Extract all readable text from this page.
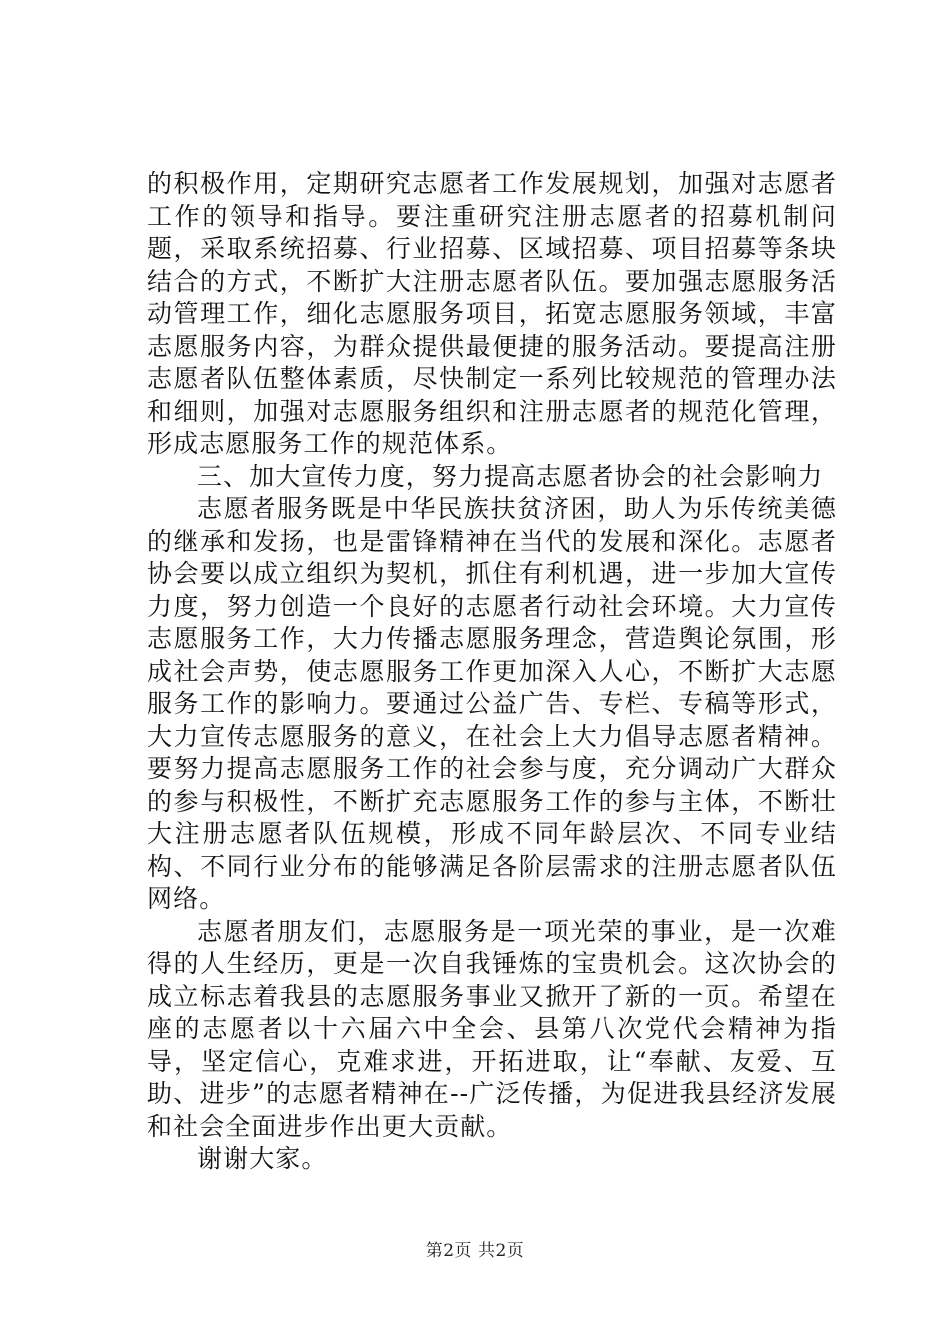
的积极作用，定期研究志愿者工作发展规划，加强对志愿者工作的领导和指导。要注重研究注册志愿者的招募机制问题，采取系统招募、行业招募、区域招募、项目招募等条块结合的方式，不断扩大注册志愿者队伍。要加强志愿服务活动管理工作，细化志愿服务项目，拓宽志愿服务领域，丰富志愿服务内容，为群众提供最便捷的服务活动。要提高注册志愿者队伍整体素质，尽快制定一系列比较规范的管理办法和细则，加强对志愿服务组织和注册志愿者的规范化管理，形成志愿服务工作的规范体系。

三、加大宣传力度，努力提高志愿者协会的社会影响力

志愿者服务既是中华民族扶贫济困，助人为乐传统美德的继承和发扬，也是雷锋精神在当代的发展和深化。志愿者协会要以成立组织为契机，抓住有利机遇，进一步加大宣传力度，努力创造一个良好的志愿者行动社会环境。大力宣传志愿服务工作，大力传播志愿服务理念，营造舆论氛围，形成社会声势，使志愿服务工作更加深入人心，不断扩大志愿服务工作的影响力。要通过公益广告、专栏、专稿等形式，大力宣传志愿服务的意义，在社会上大力倡导志愿者精神。要努力提高志愿服务工作的社会参与度，充分调动广大群众的参与积极性，不断扩充志愿服务工作的参与主体，不断壮大注册志愿者队伍规模，形成不同年龄层次、不同专业结构、不同行业分布的能够满足各阶层需求的注册志愿者队伍网络。

志愿者朋友们，志愿服务是一项光荣的事业，是一次难得的人生经历，更是一次自我锤炼的宝贵机会。这次协会的成立标志着我县的志愿服务事业又掀开了新的一页。希望在座的志愿者以十六届六中全会、县第八次党代会精神为指导，坚定信心，克难求进，开拓进取，让“奉献、友爱、互助、进步”的志愿者精神在--广泛传播，为促进我县经济发展和社会全面进步作出更大贡献。

谢谢大家。

第2页 共2页
